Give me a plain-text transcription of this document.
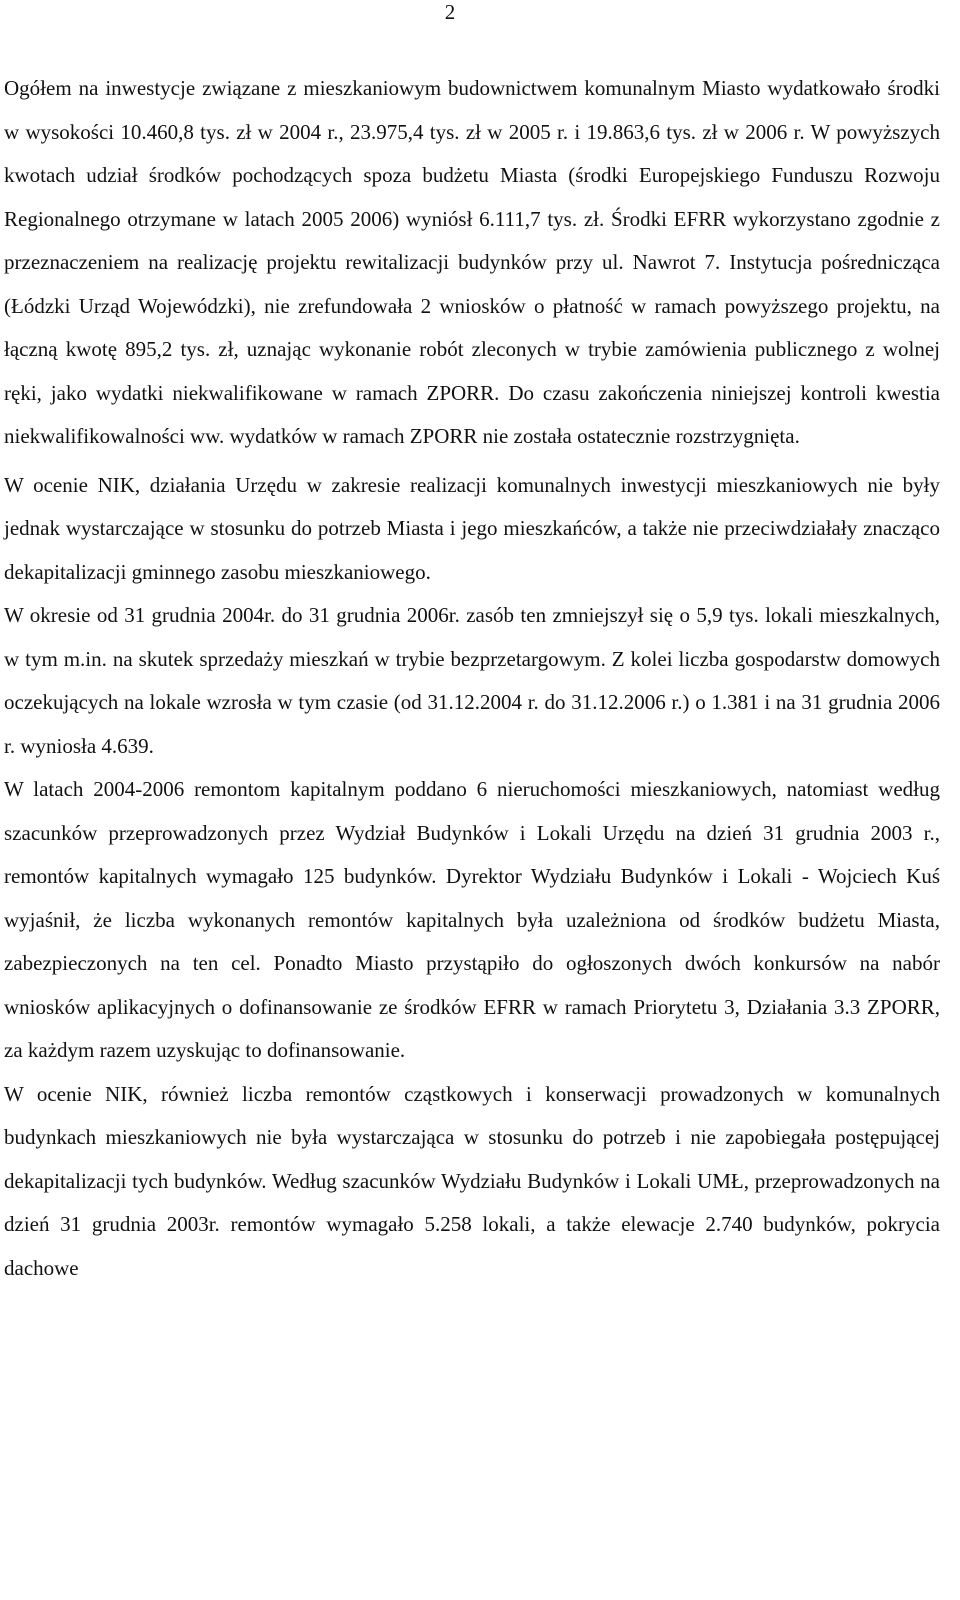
2

Ogółem na inwestycje związane z mieszkaniowym budownictwem komunalnym Miasto wydatkowało środki w wysokości 10.460,8 tys. zł w 2004 r., 23.975,4 tys. zł w 2005 r. i 19.863,6 tys. zł w 2006 r. W powyższych kwotach udział środków pochodzących spoza budżetu Miasta (środki Europejskiego Funduszu Rozwoju Regionalnego otrzymane w latach 2005 2006) wyniósł 6.111,7 tys. zł. Środki EFRR wykorzystano zgodnie z przeznaczeniem na realizację projektu rewitalizacji budynków przy ul. Nawrot 7. Instytucja pośrednicząca (Łódzki Urząd Wojewódzki), nie zrefundowała 2 wniosków o płatność w ramach powyższego projektu, na łączną kwotę 895,2 tys. zł, uznając wykonanie robót zleconych w trybie zamówienia publicznego z wolnej ręki, jako wydatki niekwalifikowane w ramach ZPORR. Do czasu zakończenia niniejszej kontroli kwestia niekwalifikowalności ww. wydatków w ramach ZPORR nie została ostatecznie rozstrzygnięta.

W ocenie NIK, działania Urzędu w zakresie realizacji komunalnych inwestycji mieszkaniowych nie były jednak wystarczające w stosunku do potrzeb Miasta i jego mieszkańców, a także nie przeciwdziałały znacząco dekapitalizacji gminnego zasobu mieszkaniowego.

W okresie od 31 grudnia 2004r. do 31 grudnia 2006r. zasób ten zmniejszył się o 5,9 tys. lokali mieszkalnych, w tym m.in. na skutek sprzedaży mieszkań w trybie bezprzetargowym. Z kolei liczba gospodarstw domowych oczekujących na lokale wzrosła w tym czasie (od 31.12.2004 r. do 31.12.2006 r.) o 1.381 i na 31 grudnia 2006 r. wyniosła 4.639.

W latach 2004-2006 remontom kapitalnym poddano 6 nieruchomości mieszkaniowych, natomiast według szacunków przeprowadzonych przez Wydział Budynków i Lokali Urzędu na dzień 31 grudnia 2003 r., remontów kapitalnych wymagało 125 budynków. Dyrektor Wydziału Budynków i Lokali - Wojciech Kuś wyjaśnił, że liczba wykonanych remontów kapitalnych była uzależniona od środków budżetu Miasta, zabezpieczonych na ten cel. Ponadto Miasto przystąpiło do ogłoszonych dwóch konkursów na nabór wniosków aplikacyjnych o dofinansowanie ze środków EFRR w ramach Priorytetu 3, Działania 3.3 ZPORR, za każdym razem uzyskując to dofinansowanie.

W ocenie NIK, również liczba remontów cząstkowych i konserwacji prowadzonych w komunalnych budynkach mieszkaniowych nie była wystarczająca w stosunku do potrzeb i nie zapobiegała postępującej dekapitalizacji tych budynków. Według szacunków Wydziału Budynków i Lokali UMŁ, przeprowadzonych na dzień 31 grudnia 2003r. remontów wymagało 5.258 lokali, a także elewacje 2.740 budynków, pokrycia dachowe
